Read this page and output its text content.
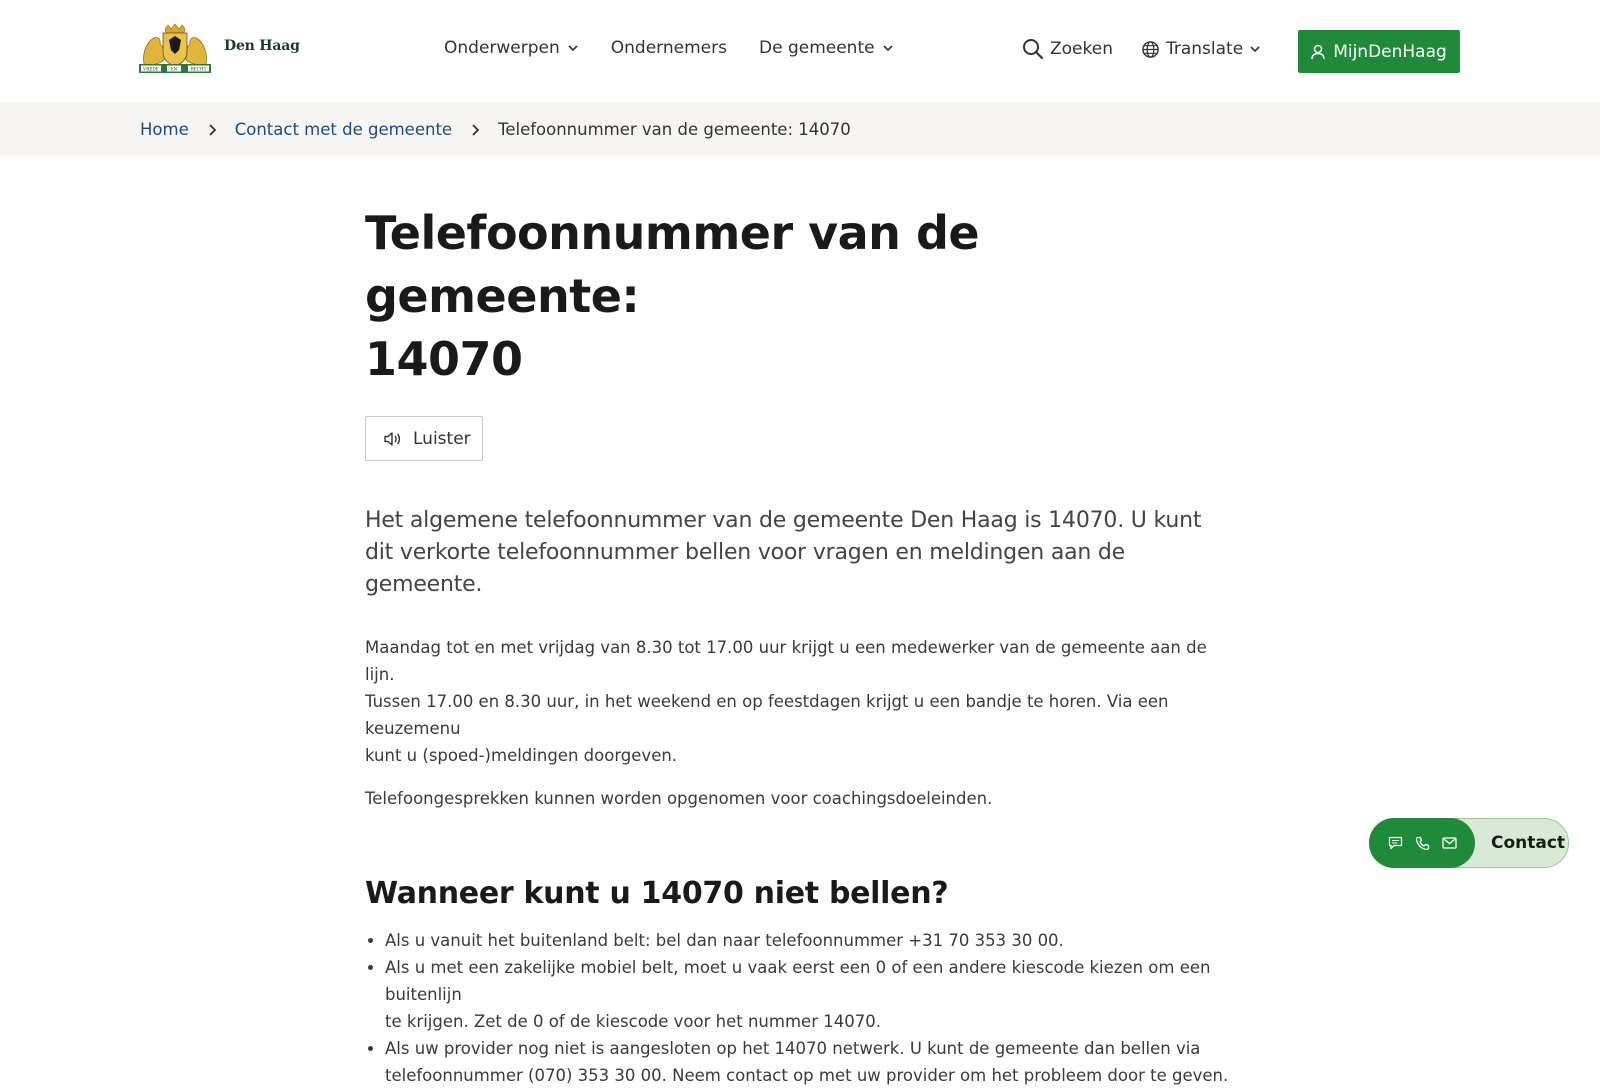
VREDE	EN	RECHT
Den Haag	Onderwerpen	Ondernemers De gemeente	Zoeken	Translate	MijnDenHaag
Home	Contact met de gemeente	Telefoonnummer van de gemeente: 14070
Telefoonnummer van de gemeente:
14070
Luister

Het algemene telefoonnummer van de gemeente Den Haag is 14070. U kunt dit verkorte telefoonnummer bellen voor vragen en meldingen aan de gemeente.

Maandag tot en met vrijdag van 8.30 tot 17.00 uur krijgt u een medewerker van de gemeente aan de lijn.
Tussen 17.00 en 8.30 uur, in het weekend en op feestdagen krijgt u een bandje te horen. Via een keuzemenu
kunt u (spoed-)meldingen doorgeven.

Telefoongesprekken kunnen worden opgenomen voor coachingsdoeleinden.

Wanneer kunt u 14070 niet bellen?
• Als u vanuit het buitenland belt: bel dan naar telefoonnummer +31 70 353 30 00.
• Als u met een zakelijke mobiel belt, moet u vaak eerst een 0 of een andere kiescode kiezen om een buitenlijn
te krijgen. Zet de 0 of de kiescode voor het nummer 14070.
• Als uw provider nog niet is aangesloten op het 14070 netwerk. U kunt de gemeente dan bellen via
telefoonnummer (070) 353 30 00. Neem contact op met uw provider om het probleem door te geven.
Contact
